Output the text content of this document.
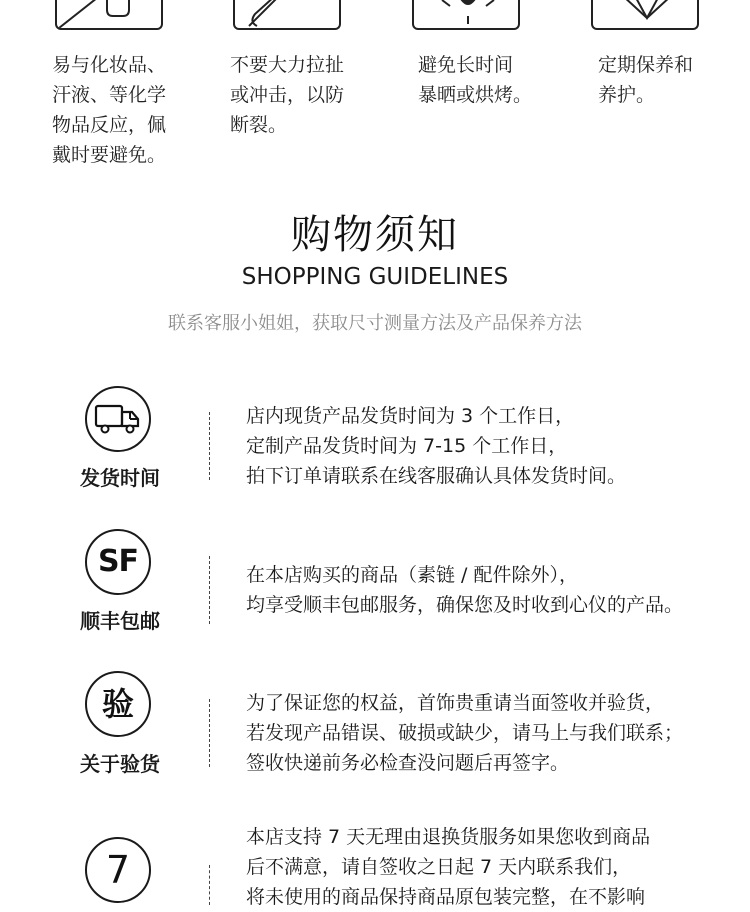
易与化妆品、
汗液、等化学
物品反应，佩
戴时要避免。
不要大力拉扯
或冲击，以防
断裂。
避免长时间
暴晒或烘烤。
定期保养和
养护。
购物须知
SHOPPING GUIDELINES
联系客服小姐姐，获取尺寸测量方法及产品保养方法
发货时间
店内现货产品发货时间为 3 个工作日，
定制产品发货时间为 7-15 个工作日，
拍下订单请联系在线客服确认具体发货时间。
SF
顺丰包邮
在本店购买的商品（素链 / 配件除外），
均享受顺丰包邮服务，确保您及时收到心仪的产品。
验
关于验货
为了保证您的权益，首饰贵重请当面签收并验货，
若发现产品错误、破损或缺少，请马上与我们联系；
签收快递前务必检查没问题后再签字。
7
本店支持 7 天无理由退换货服务如果您收到商品
后不满意，请自签收之日起 7 天内联系我们，
将未使用的商品保持商品原包装完整，在不影响
